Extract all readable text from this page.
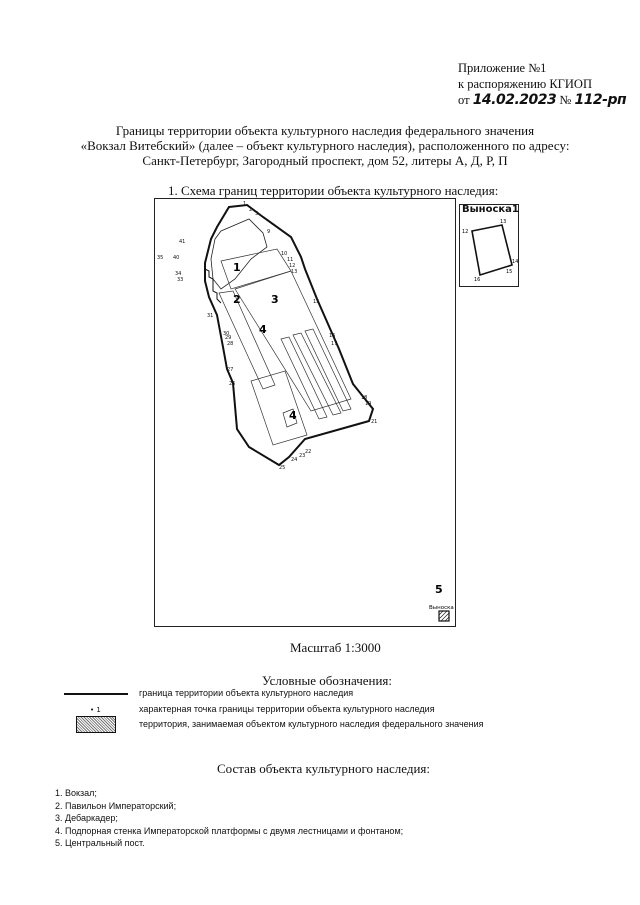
Приложение №1
к распоряжению КГИОП
от 14.02.2023 № 112-рп
Границы территории объекта культурного наследия федерального значения
«Вокзал Витебский» (далее – объект культурного наследия), расположенного по адресу:
Санкт-Петербург, Загородный проспект, дом 52, литеры А, Д, Р, П
1. Схема границ территории объекта культурного наследия:
1
2	3
4
4
1
2
3
9
10
11
12
13
15
16
17
18
19
21
22
23
24
25
26
27
28
29
30
31
33
34
35 40
41
5
Выноска
12
13
14
15
16
Выноска1
Масштаб 1:3000
Условные обозначения:
граница территории объекта культурного наследия
• 1	характерная точка границы территории объекта культурного наследия
территория, занимаемая объектом культурного наследия федерального значения
Состав объекта культурного наследия:
1. Вокзал;
2. Павильон Императорский;
3. Дебаркадер;
4. Подпорная стенка Императорской платформы с двумя лестницами и фонтаном;
5. Центральный пост.
